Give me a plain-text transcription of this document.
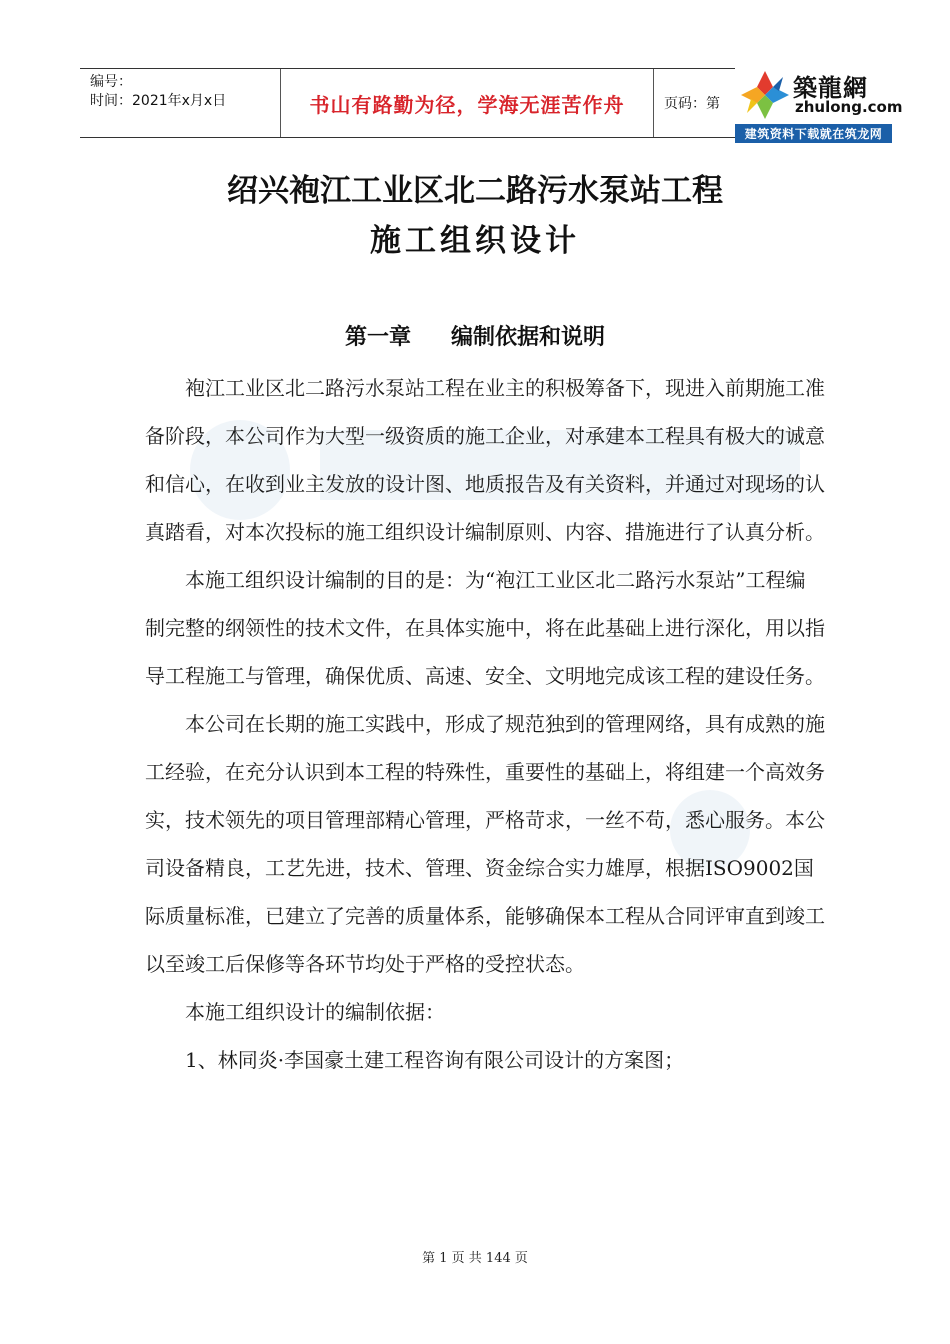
编号：
时间：2021年x月x日	书山有路勤为径，学海无涯苦作舟	页码：第
築龍網
zhulong.com
建筑资料下载就在筑龙网
绍兴袍江工业区北二路污水泵站工程
施工组织设计
第一章 编制依据和说明

袍江工业区北二路污水泵站工程在业主的积极筹备下，现进入前期施工准备阶段，本公司作为大型一级资质的施工企业，对承建本工程具有极大的诚意和信心，在收到业主发放的设计图、地质报告及有关资料，并通过对现场的认真踏看，对本次投标的施工组织设计编制原则、内容、措施进行了认真分析。

本施工组织设计编制的目的是：为“袍江工业区北二路污水泵站”工程编制完整的纲领性的技术文件，在具体实施中，将在此基础上进行深化，用以指导工程施工与管理，确保优质、高速、安全、文明地完成该工程的建设任务。

本公司在长期的施工实践中，形成了规范独到的管理网络，具有成熟的施工经验，在充分认识到本工程的特殊性，重要性的基础上，将组建一个高效务实，技术领先的项目管理部精心管理，严格苛求，一丝不苟，悉心服务。本公司设备精良，工艺先进，技术、管理、资金综合实力雄厚，根据ISO9002国际质量标准，已建立了完善的质量体系，能够确保本工程从合同评审直到竣工以至竣工后保修等各环节均处于严格的受控状态。

本施工组织设计的编制依据：

1、林同炎·李国豪土建工程咨询有限公司设计的方案图；

第 1 页 共 144 页
